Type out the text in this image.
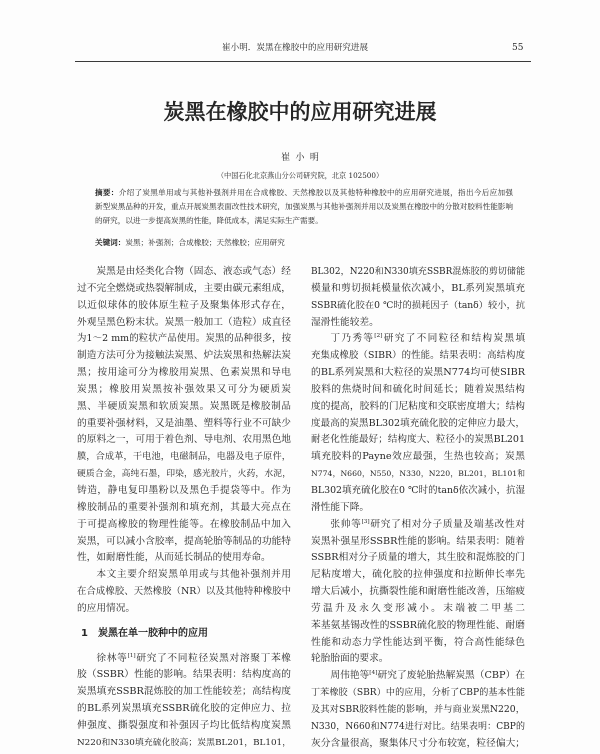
崔小明．炭黑在橡胶中的应用研究进展	55
炭黑在橡胶中的应用研究进展
崔小明
（中国石化北京燕山分公司研究院，北京 102500）
摘要：介绍了炭黑单用或与其他补强剂并用在合成橡胶、天然橡胶以及其他特种橡胶中的应用研究进展，指出今后应加强
新型炭黑品种的开发，重点开展炭黑表面改性技术研究，加强炭黑与其他补强剂并用以及炭黑在橡胶中的分散对胶料性能影响
的研究，以进一步提高炭黑的性能，降低成本，满足实际生产需要。
关键词：炭黑；补强剂；合成橡胶；天然橡胶；应用研究
炭黑是由烃类化合物（固态、液态或气态）经
过不完全燃烧或热裂解制成，主要由碳元素组成，
以近似球体的胶体原生粒子及聚集体形式存在，
外观呈黑色粉末状。炭黑一般加工（造粒）成直径
为1～2 mm的粒状产品使用。炭黑的品种很多，按
制造方法可分为接触法炭黑、炉法炭黑和热解法炭
黑；按用途可分为橡胶用炭黑、色素炭黑和导电
炭黑；橡胶用炭黑按补强效果又可分为硬质炭
黑、半硬质炭黑和软质炭黑。炭黑既是橡胶制品
的重要补强材料，又是油墨、塑料等行业不可缺少
的原料之一，可用于着色剂、导电剂、农用黑色地
膜，合成革，干电池，电磁制品，电器及电子原件，
硬质合金，高纯石墨，印染，感光胶片，火药，水泥，
铸造，静电复印墨粉以及黑色手提袋等中。作为
橡胶制品的重要补强剂和填充剂，其最大亮点在
于可提高橡胶的物理性能等。在橡胶制品中加入
炭黑，可以减小含胶率，提高轮胎等制品的功能特
性，如耐磨性能，从而延长制品的使用寿命。
本文主要介绍炭黑单用或与其他补强剂并用
在合成橡胶、天然橡胶（NR）以及其他特种橡胶中
的应用情况。
1 炭黑在单一胶种中的应用
徐林等[1]研究了不同粒径炭黑对溶聚丁苯橡
胶（SSBR）性能的影响。结果表明：结构度高的
炭黑填充SSBR混炼胶的加工性能较差；高结构度
的BL系列炭黑填充SSBR硫化胶的定伸应力、拉
伸强度、撕裂强度和补强因子均比低结构度炭黑
N220和N330填充硫化胶高；炭黑BL201，BL101，
BL302，N220和N330填充SSBR混炼胶的剪切储能
模量和剪切损耗模量依次减小，BL系列炭黑填充
SSBR硫化胶在0 ℃时的损耗因子（tanδ）较小，抗
湿滑性能较差。
丁乃秀等[2]研究了不同粒径和结构炭黑填
充集成橡胶（SIBR）的性能。结果表明：高结构度
的BL系列炭黑和大粒径的炭黑N774均可使SIBR
胶料的焦烧时间和硫化时间延长；随着炭黑结构
度的提高，胶料的门尼粘度和交联密度增大；结构
度最高的炭黑BL302填充硫化胶的定伸应力最大，
耐老化性能最好；结构度大、粒径小的炭黑BL201
填充胶料的Payne效应最强，生热也较高；炭黑
N774，N660，N550，N330，N220，BL201，BL101和
BL302填充硫化胶在0 ℃时的tanδ依次减小，抗湿
滑性能下降。
张帅等[3]研究了相对分子质量及端基改性对
炭黑补强星形SSBR性能的影响。结果表明：随着
SSBR相对分子质量的增大，其生胶和混炼胶的门
尼粘度增大，硫化胶的拉伸强度和拉断伸长率先
增大后减小，抗撕裂性能和耐磨性能改善，压缩疲
劳温升及永久变形减小。末端被二甲基二
苯基氨基锡改性的SSBR硫化胶的物理性能、耐磨
性能和动态力学性能达到平衡，符合高性能绿色
轮胎胎面的要求。
周伟艳等[4]研究了废轮胎热解炭黑（CBP）在
丁苯橡胶（SBR）中的应用，分析了CBP的基本性能
及其对SBR胶料性能的影响，并与商业炭黑N220，
N330，N660和N774进行对比。结果表明：CBP的
灰分含量很高，聚集体尺寸分布较宽，粒径偏大；
